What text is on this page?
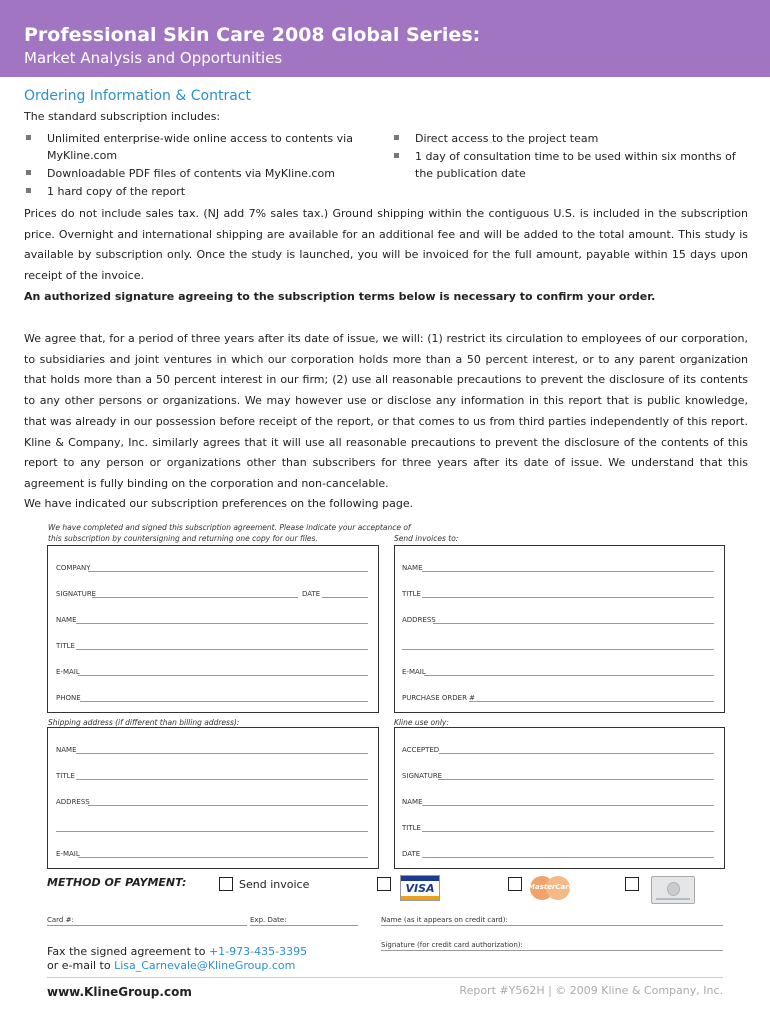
Professional Skin Care 2008 Global Series:
Market Analysis and Opportunities
Ordering Information & Contract
The standard subscription includes:
Unlimited enterprise-wide online access to contents via MyKline.com
Downloadable PDF files of contents via MyKline.com
1 hard copy of the report
Direct access to the project team
1 day of consultation time to be used within six months of the publication date
Prices do not include sales tax. (NJ add 7% sales tax.) Ground shipping within the contiguous U.S. is included in the subscription price. Overnight and international shipping are available for an additional fee and will be added to the total amount. This study is available by subscription only. Once the study is launched, you will be invoiced for the full amount, payable within 15 days upon receipt of the invoice.
An authorized signature agreeing to the subscription terms below is necessary to confirm your order.
We agree that, for a period of three years after its date of issue, we will: (1) restrict its circulation to employees of our corporation, to subsidiaries and joint ventures in which our corporation holds more than a 50 percent interest, or to any parent organization that holds more than a 50 percent interest in our firm; (2) use all reasonable precautions to prevent the disclosure of its contents to any other persons or organizations. We may however use or disclose any information in this report that is public knowledge, that was already in our possession before receipt of the report, or that comes to us from third parties independently of this report. Kline & Company, Inc. similarly agrees that it will use all reasonable precautions to prevent the disclosure of the contents of this report to any person or organizations other than subscribers for three years after its date of issue. We understand that this agreement is fully binding on the corporation and non-cancelable.
We have indicated our subscription preferences on the following page.
We have completed and signed this subscription agreement. Please indicate your acceptance of
this subscription by countersigning and returning one copy for our files.	Send invoices to:
COMPANY
SIGNATURE	DATE
NAME
TITLE
E-MAIL
PHONE
NAME
TITLE
ADDRESS
E-MAIL
PURCHASE ORDER #
Shipping address (if different than billing address):	Kline use only:
NAME
TITLE
ADDRESS
E-MAIL
ACCEPTED
SIGNATURE
NAME
TITLE
DATE
METHOD OF PAYMENT:	Send invoice	VISA	MasterCard
Card #:	Exp. Date:	Name (as it appears on credit card):
Signature (for credit card authorization):
Fax the signed agreement to +1-973-435-3395
or e-mail to Lisa_Carnevale@KlineGroup.com
www.KlineGroup.com	Report #Y562H | © 2009 Kline & Company, Inc.
